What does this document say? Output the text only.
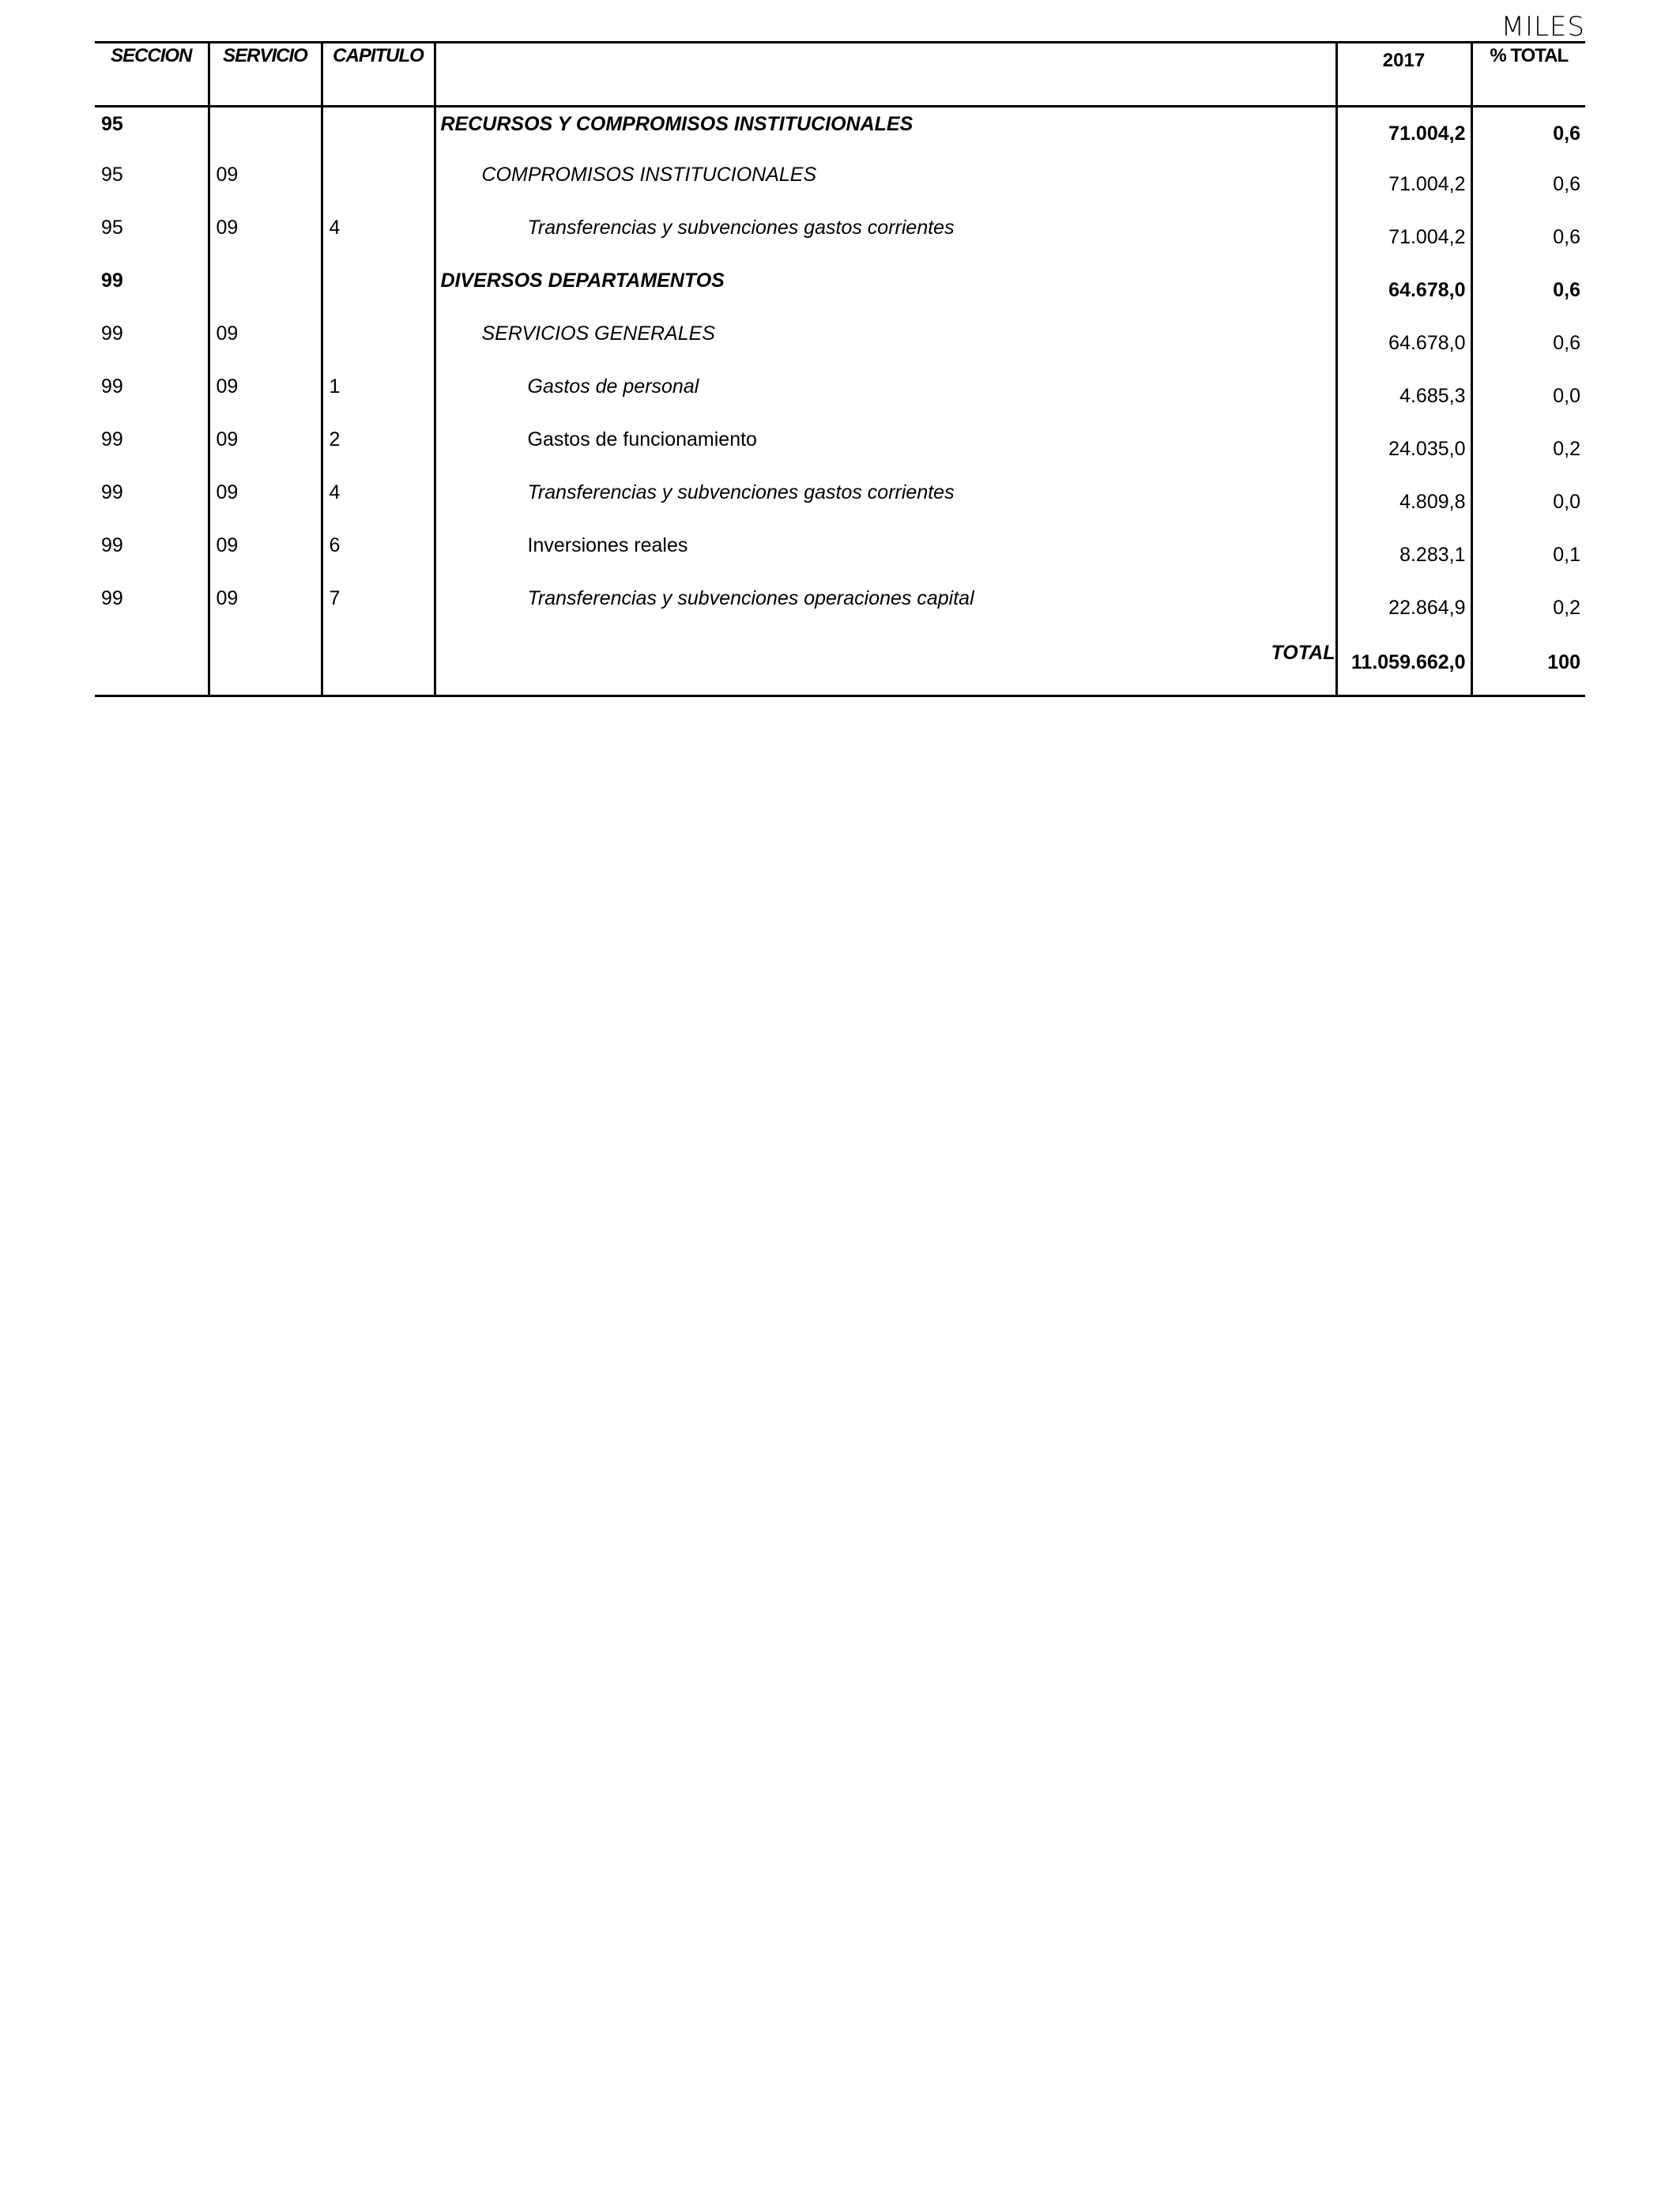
MILES
SECCION	SERVICIO	CAPITULO		2017	% TOTAL
95			RECURSOS Y COMPROMISOS INSTITUCIONALES	71.004,2	0,6
95	09		COMPROMISOS INSTITUCIONALES	71.004,2	0,6
95	09	4	Transferencias y subvenciones gastos corrientes	71.004,2	0,6
99			DIVERSOS DEPARTAMENTOS	64.678,0	0,6
99	09		SERVICIOS GENERALES	64.678,0	0,6
99	09	1	Gastos de personal	4.685,3	0,0
99	09	2	Gastos de funcionamiento	24.035,0	0,2
99	09	4	Transferencias y subvenciones gastos corrientes	4.809,8	0,0
99	09	6	Inversiones reales	8.283,1	0,1
99	09	7	Transferencias y subvenciones operaciones capital	22.864,9	0,2

			TOTAL	11.059.662,0	100
